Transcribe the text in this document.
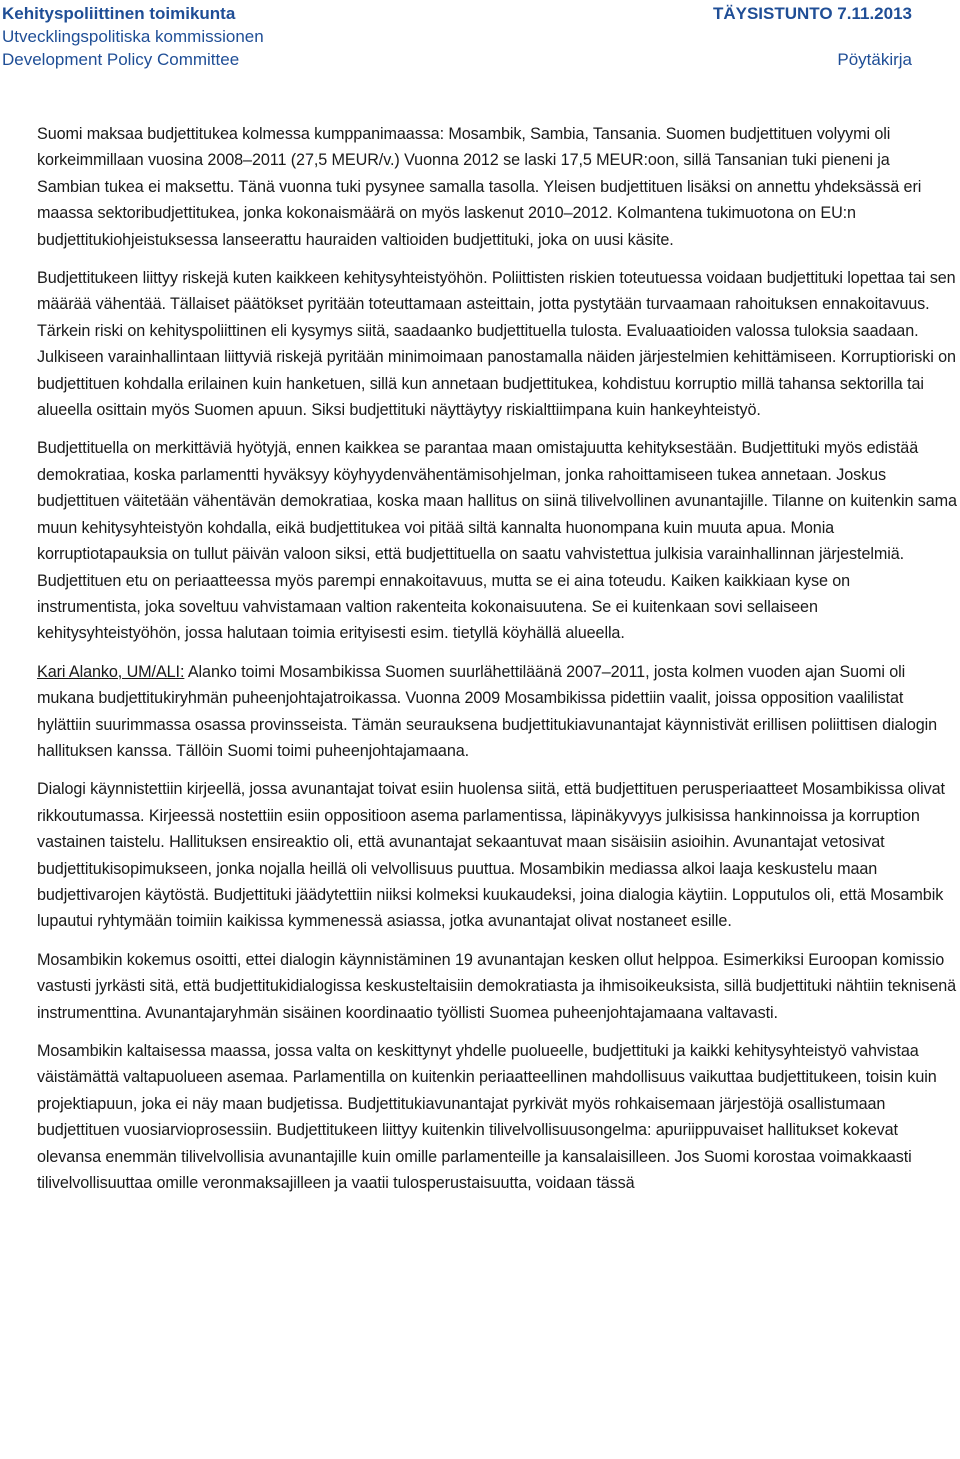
Kehityspoliittinen toimikunta
Utvecklingspolitiska kommissionen
Development Policy Committee
TÄYSISTUNTO 7.11.2013
Pöytäkirja

Suomi maksaa budjettitukea kolmessa kumppanimaassa: Mosambik, Sambia, Tansania. Suomen budjettituen volyymi oli korkeimmillaan vuosina 2008–2011 (27,5 MEUR/v.) Vuonna 2012 se laski 17,5 MEUR:oon, sillä Tansanian tuki pieneni ja Sambian tukea ei maksettu. Tänä vuonna tuki pysynee samalla tasolla. Yleisen budjettituen lisäksi on annettu yhdeksässä eri maassa sektoribudjettitukea, jonka kokonaismäärä on myös laskenut 2010–2012. Kolmantena tukimuotona on EU:n budjettitukiohjeistuksessa lanseerattu hauraiden valtioiden budjettituki, joka on uusi käsite.

Budjettitukeen liittyy riskejä kuten kaikkeen kehitysyhteistyöhön. Poliittisten riskien toteutuessa voidaan budjettituki lopettaa tai sen määrää vähentää. Tällaiset päätökset pyritään toteuttamaan asteittain, jotta pystytään turvaamaan rahoituksen ennakoitavuus. Tärkein riski on kehityspoliittinen eli kysymys siitä, saadaanko budjettituella tulosta. Evaluaatioiden valossa tuloksia saadaan. Julkiseen varainhallintaan liittyviä riskejä pyritään minimoimaan panostamalla näiden järjestelmien kehittämiseen. Korruptioriski on budjettituen kohdalla erilainen kuin hanketuen, sillä kun annetaan budjettitukea, kohdistuu korruptio millä tahansa sektorilla tai alueella osittain myös Suomen apuun. Siksi budjettituki näyttäytyy riskialttiimpana kuin hankeyhteistyö.

Budjettituella on merkittäviä hyötyjä, ennen kaikkea se parantaa maan omistajuutta kehityksestään. Budjettituki myös edistää demokratiaa, koska parlamentti hyväksyy köyhyydenvähentämisohjelman, jonka rahoittamiseen tukea annetaan. Joskus budjettituen väitetään vähentävän demokratiaa, koska maan hallitus on siinä tilivelvollinen avunantajille. Tilanne on kuitenkin sama muun kehitysyhteistyön kohdalla, eikä budjettitukea voi pitää siltä kannalta huonompana kuin muuta apua. Monia korruptiotapauksia on tullut päivän valoon siksi, että budjettituella on saatu vahvistettua julkisia varainhallinnan järjestelmiä. Budjettituen etu on periaatteessa myös parempi ennakoitavuus, mutta se ei aina toteudu. Kaiken kaikkiaan kyse on instrumentista, joka soveltuu vahvistamaan valtion rakenteita kokonaisuutena. Se ei kuitenkaan sovi sellaiseen kehitysyhteistyöhön, jossa halutaan toimia erityisesti esim. tietyllä köyhällä alueella.

Kari Alanko, UM/ALI: Alanko toimi Mosambikissa Suomen suurlähettiläänä 2007–2011, josta kolmen vuoden ajan Suomi oli mukana budjettitukiryhmän puheenjohtajatroikassa. Vuonna 2009 Mosambikissa pidettiin vaalit, joissa opposition vaalilistat hylättiin suurimmassa osassa provinsseista. Tämän seurauksena budjettitukiavunantajat käynnistivät erillisen poliittisen dialogin hallituksen kanssa. Tällöin Suomi toimi puheenjohtajamaana.

Dialogi käynnistettiin kirjeellä, jossa avunantajat toivat esiin huolensa siitä, että budjettituen perusperiaatteet Mosambikissa olivat rikkoutumassa. Kirjeessä nostettiin esiin oppositioon asema parlamentissa, läpinäkyvyys julkisissa hankinnoissa ja korruption vastainen taistelu. Hallituksen ensireaktio oli, että avunantajat sekaantuvat maan sisäisiin asioihin. Avunantajat vetosivat budjettitukisopimukseen, jonka nojalla heillä oli velvollisuus puuttua. Mosambikin mediassa alkoi laaja keskustelu maan budjettivarojen käytöstä. Budjettituki jäädytettiin niiksi kolmeksi kuukaudeksi, joina dialogia käytiin. Lopputulos oli, että Mosambik lupautui ryhtymään toimiin kaikissa kymmenessä asiassa, jotka avunantajat olivat nostaneet esille.

Mosambikin kokemus osoitti, ettei dialogin käynnistäminen 19 avunantajan kesken ollut helppoa. Esimerkiksi Euroopan komissio vastusti jyrkästi sitä, että budjettitukidialogissa keskusteltaisiin demokratiasta ja ihmisoikeuksista, sillä budjettituki nähtiin teknisenä instrumenttina. Avunantajaryhmän sisäinen koordinaatio työllisti Suomea puheenjohtajamaana valtavasti.

Mosambikin kaltaisessa maassa, jossa valta on keskittynyt yhdelle puolueelle, budjettituki ja kaikki kehitysyhteistyö vahvistaa väistämättä valtapuolueen asemaa. Parlamentilla on kuitenkin periaatteellinen mahdollisuus vaikuttaa budjettitukeen, toisin kuin projektiapuun, joka ei näy maan budjetissa. Budjettitukiavunantajat pyrkivät myös rohkaisemaan järjestöjä osallistumaan budjettituen vuosiarvioprosessiin. Budjettitukeen liittyy kuitenkin tilivelvollisuusongelma: apuriippuvaiset hallitukset kokevat olevansa enemmän tilivelvollisia avunantajille kuin omille parlamenteille ja kansalaisilleen. Jos Suomi korostaa voimakkaasti tilivelvollisuuttaa omille veronmaksajilleen ja vaatii tulosperustaisuutta, voidaan tässä
